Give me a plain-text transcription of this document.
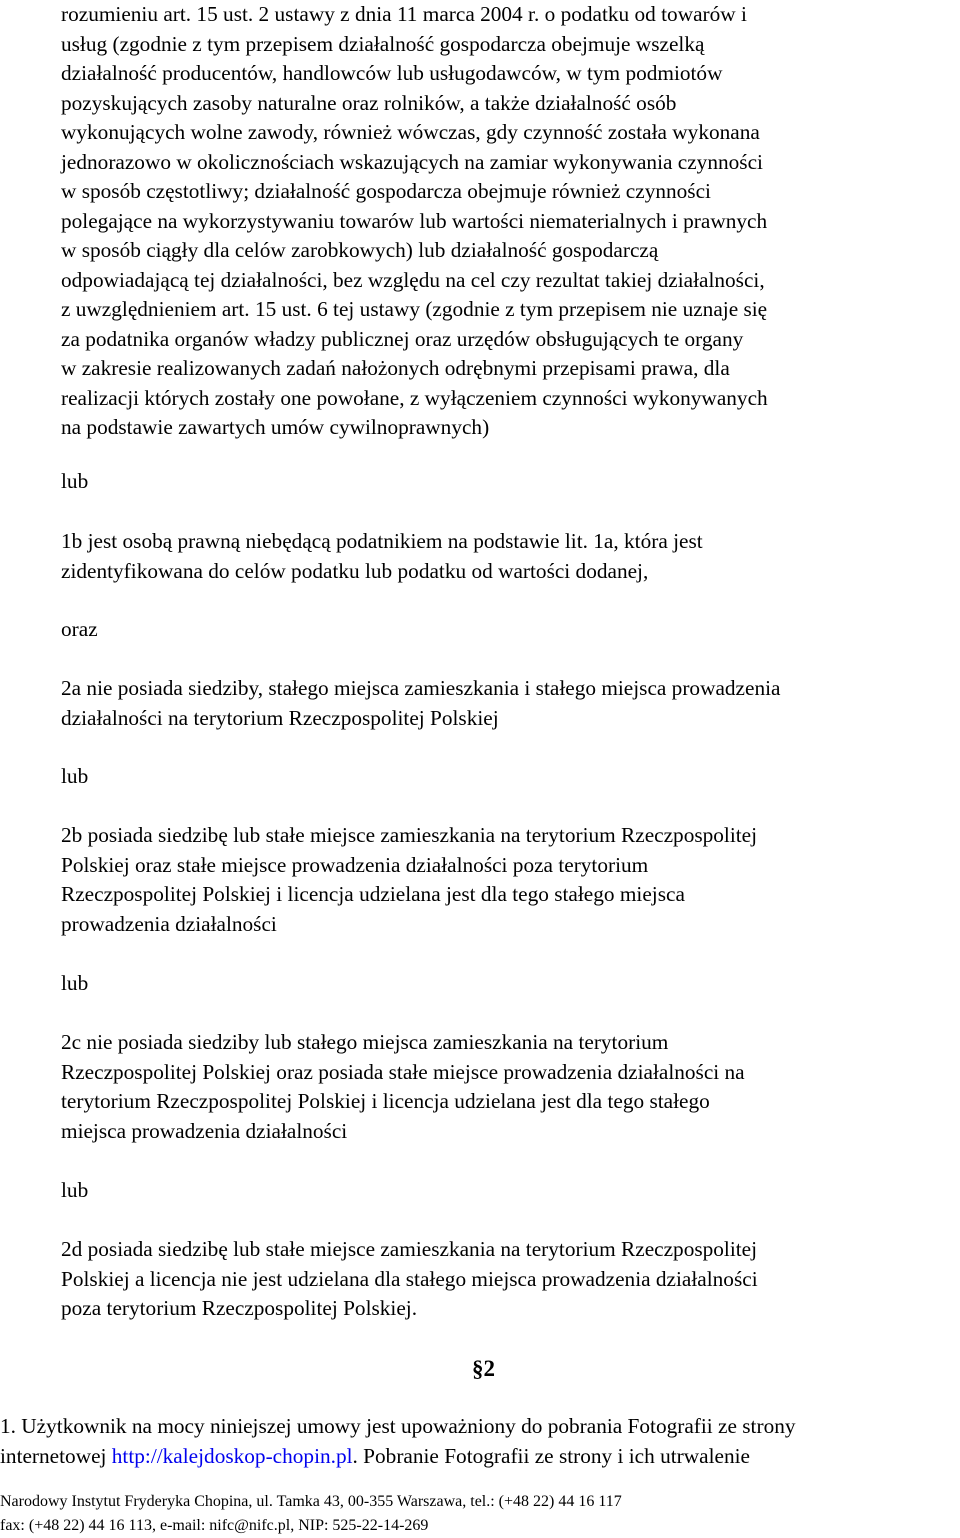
rozumieniu art. 15 ust. 2 ustawy z dnia 11 marca 2004 r. o podatku od towarów i
usług (zgodnie z tym przepisem działalność gospodarcza obejmuje wszelką
działalność producentów, handlowców lub usługodawców, w tym podmiotów
pozyskujących zasoby naturalne oraz rolników, a także działalność osób
wykonujących wolne zawody, również wówczas, gdy czynność została wykonana
jednorazowo w okolicznościach wskazujących na zamiar wykonywania czynności
w sposób częstotliwy; działalność gospodarcza obejmuje również czynności
polegające na wykorzystywaniu towarów lub wartości niematerialnych i prawnych
w sposób ciągły dla celów zarobkowych) lub działalność gospodarczą
odpowiadającą tej działalności, bez względu na cel czy rezultat takiej działalności,
z uwzględnieniem art. 15 ust. 6 tej ustawy (zgodnie z tym przepisem nie uznaje się
za podatnika organów władzy publicznej oraz urzędów obsługujących te organy
w zakresie realizowanych zadań nałożonych odrębnymi przepisami prawa, dla
realizacji których zostały one powołane, z wyłączeniem czynności wykonywanych
na podstawie zawartych umów cywilnoprawnych)
lub
1b jest osobą prawną niebędącą podatnikiem na podstawie lit. 1a, która jest
zidentyfikowana do celów podatku lub podatku od wartości dodanej,
oraz
2a nie posiada siedziby, stałego miejsca zamieszkania i stałego miejsca prowadzenia
działalności na terytorium Rzeczpospolitej Polskiej
lub
2b posiada siedzibę lub stałe miejsce zamieszkania na terytorium Rzeczpospolitej
Polskiej oraz stałe miejsce prowadzenia działalności poza terytorium
Rzeczpospolitej Polskiej i licencja udzielana jest dla tego stałego miejsca
prowadzenia działalności
lub
2c nie posiada siedziby lub stałego miejsca zamieszkania na terytorium
Rzeczpospolitej Polskiej oraz posiada stałe miejsce prowadzenia działalności na
terytorium Rzeczpospolitej Polskiej i licencja udzielana jest dla tego stałego
miejsca prowadzenia działalności
lub
2d posiada siedzibę lub stałe miejsce zamieszkania na terytorium Rzeczpospolitej
Polskiej a licencja nie jest udzielana dla stałego miejsca prowadzenia działalności
poza terytorium Rzeczpospolitej Polskiej.
§2
1. Użytkownik na mocy niniejszej umowy jest upoważniony do pobrania Fotografii ze strony
internetowej http://kalejdoskop-chopin.pl. Pobranie Fotografii ze strony i ich utrwalenie
Narodowy Instytut Fryderyka Chopina, ul. Tamka 43, 00-355 Warszawa, tel.: (+48 22) 44 16 117
fax: (+48 22) 44 16 113, e-mail: nifc@nifc.pl, NIP: 525-22-14-269
